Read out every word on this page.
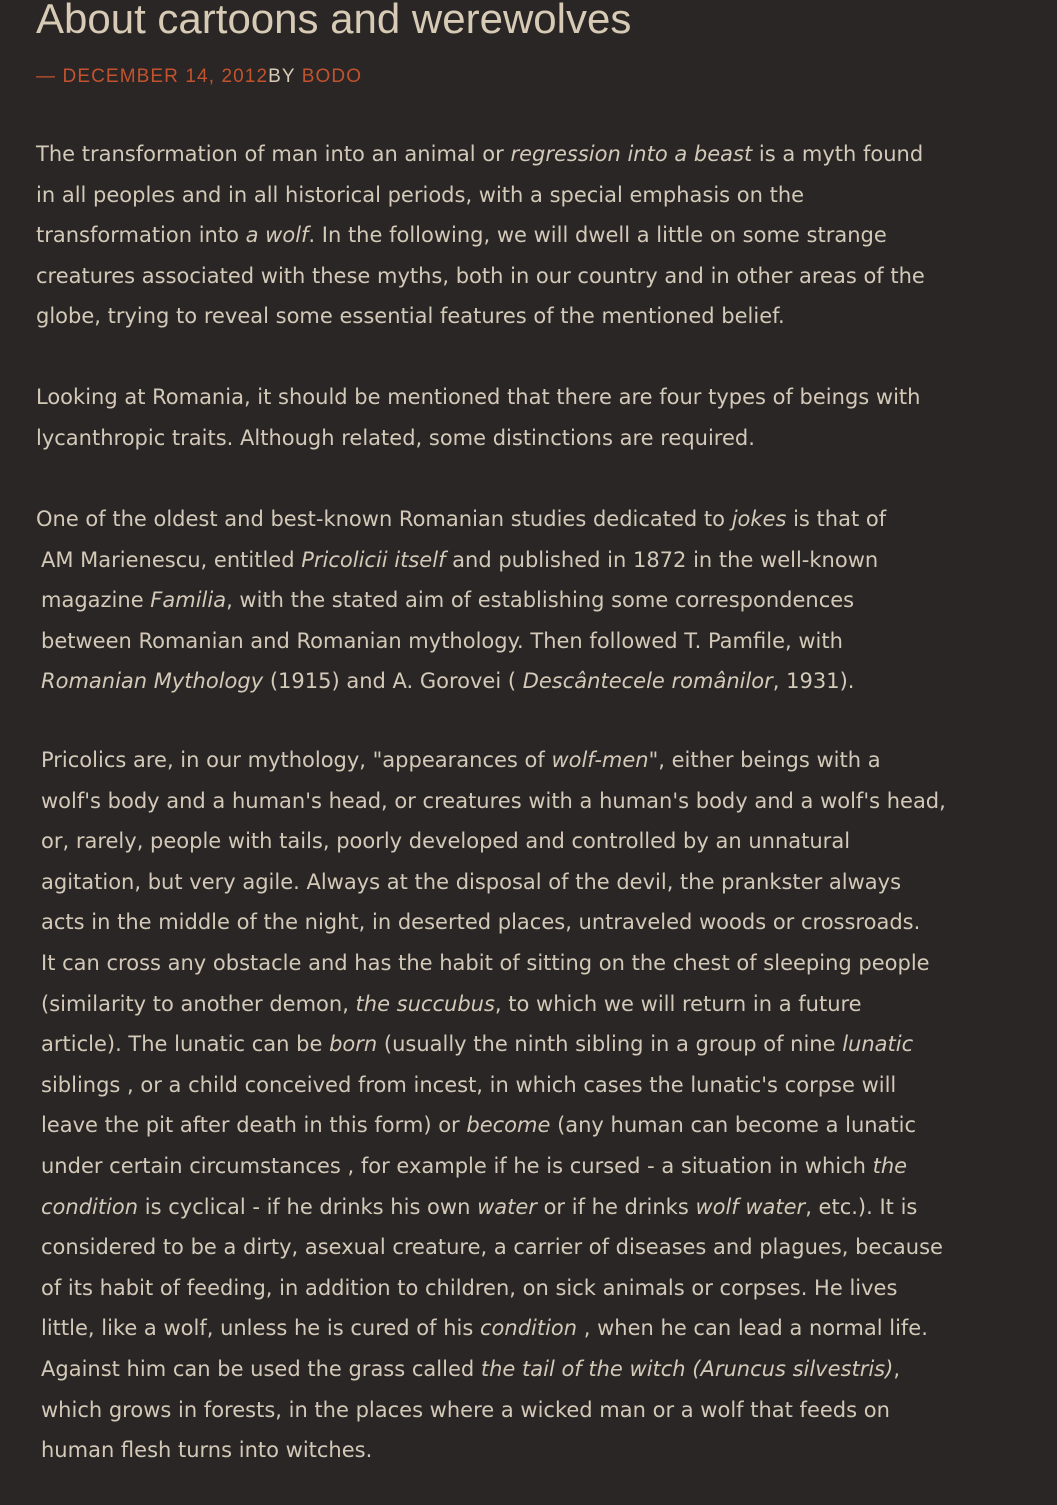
About cartoons and werewolves
— DECEMBER 14, 2012BY BODO

The transformation of man into an animal or regression into a beast is a myth found
in all peoples and in all historical periods, with a special emphasis on the
transformation into a wolf. In the following, we will dwell a little on some strange
creatures associated with these myths, both in our country and in other areas of the
globe, trying to reveal some essential features of the mentioned belief.

Looking at Romania, it should be mentioned that there are four types of beings with
lycanthropic traits. Although related, some distinctions are required.

One of the oldest and best-known Romanian studies dedicated to jokes is that of
AM Marienescu, entitled Pricolicii itself and published in 1872 in the well-known
magazine Familia, with the stated aim of establishing some correspondences
between Romanian and Romanian mythology. Then followed T. Pamfile, with
Romanian Mythology (1915) and A. Gorovei ( Descântecele românilor, 1931).

Pricolics are, in our mythology, "appearances of wolf-men", either beings with a
wolf's body and a human's head, or creatures with a human's body and a wolf's head,
or, rarely, people with tails, poorly developed and controlled by an unnatural
agitation, but very agile. Always at the disposal of the devil, the prankster always
acts in the middle of the night, in deserted places, untraveled woods or crossroads.
It can cross any obstacle and has the habit of sitting on the chest of sleeping people
(similarity to another demon, the succubus, to which we will return in a future
article). The lunatic can be born (usually the ninth sibling in a group of nine lunatic
siblings , or a child conceived from incest, in which cases the lunatic's corpse will
leave the pit after death in this form) or become (any human can become a lunatic
under certain circumstances , for example if he is cursed - a situation in which the
condition is cyclical - if he drinks his own water or if he drinks wolf water, etc.). It is
considered to be a dirty, asexual creature, a carrier of diseases and plagues, because
of its habit of feeding, in addition to children, on sick animals or corpses. He lives
little, like a wolf, unless he is cured of his condition , when he can lead a normal life.
Against him can be used the grass called the tail of the witch (Aruncus silvestris),
which grows in forests, in the places where a wicked man or a wolf that feeds on
human flesh turns into witches.
